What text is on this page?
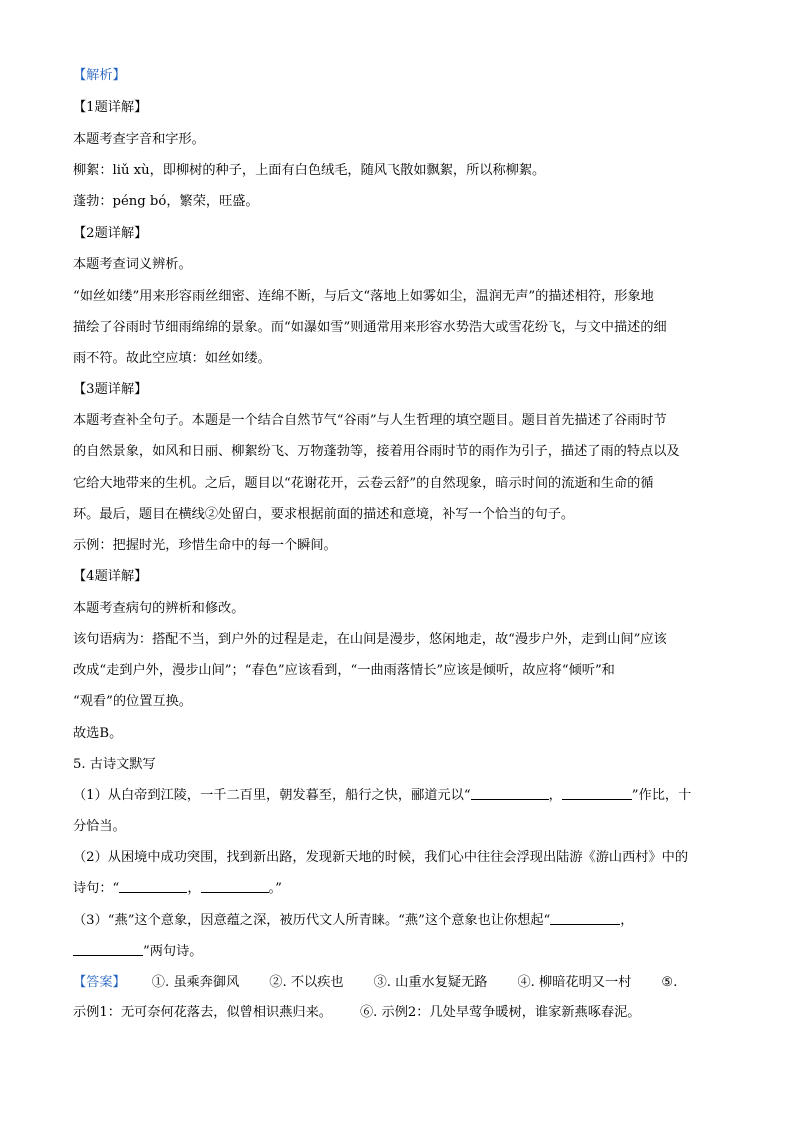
【解析】
【1题详解】
本题考查字音和字形。
柳絮：liǔ xù，即柳树的种子，上面有白色绒毛，随风飞散如飘絮，所以称柳絮。
蓬勃：péng bó，繁荣，旺盛。
【2题详解】
本题考查词义辨析。
“如丝如缕”用来形容雨丝细密、连绵不断，与后文“落地上如雾如尘，温润无声”的描述相符，形象地
描绘了谷雨时节细雨绵绵的景象。而“如瀑如雪”则通常用来形容水势浩大或雪花纷飞，与文中描述的细
雨不符。故此空应填：如丝如缕。
【3题详解】
本题考查补全句子。本题是一个结合自然节气“谷雨”与人生哲理的填空题目。题目首先描述了谷雨时节
的自然景象，如风和日丽、柳絮纷飞、万物蓬勃等，接着用谷雨时节的雨作为引子，描述了雨的特点以及
它给大地带来的生机。之后，题目以“花谢花开，云卷云舒”的自然现象，暗示时间的流逝和生命的循
环。最后，题目在横线②处留白，要求根据前面的描述和意境，补写一个恰当的句子。
示例：把握时光，珍惜生命中的每一个瞬间。
【4题详解】
本题考查病句的辨析和修改。
该句语病为：搭配不当，到户外的过程是走，在山间是漫步，悠闲地走，故“漫步户外，走到山间”应该
改成“走到户外，漫步山间”；“春色”应该看到，“一曲雨落情长”应该是倾听，故应将“倾听”和
“观看”的位置互换。
故选B。
5. 古诗文默写
（1）从白帝到江陵，一千二百里，朝发暮至，船行之快，郦道元以“	，	”作比，十
分恰当。
（2）从困境中成功突围，找到新出路，发现新天地的时候，我们心中往往会浮现出陆游《游山西村》中的
诗句：“	，	。”
（3）“燕”这个意象，因意蕴之深，被历代文人所青睐。“燕”这个意象也让你想起“	，
”两句诗。
【答案】 ①. 虽乘奔御风 ②. 不以疾也 ③. 山重水复疑无路 ④. 柳暗花明又一村 ⑤.
示例1：无可奈何花落去，似曾相识燕归来。 ⑥. 示例2：几处早莺争暖树，谁家新燕啄春泥。
